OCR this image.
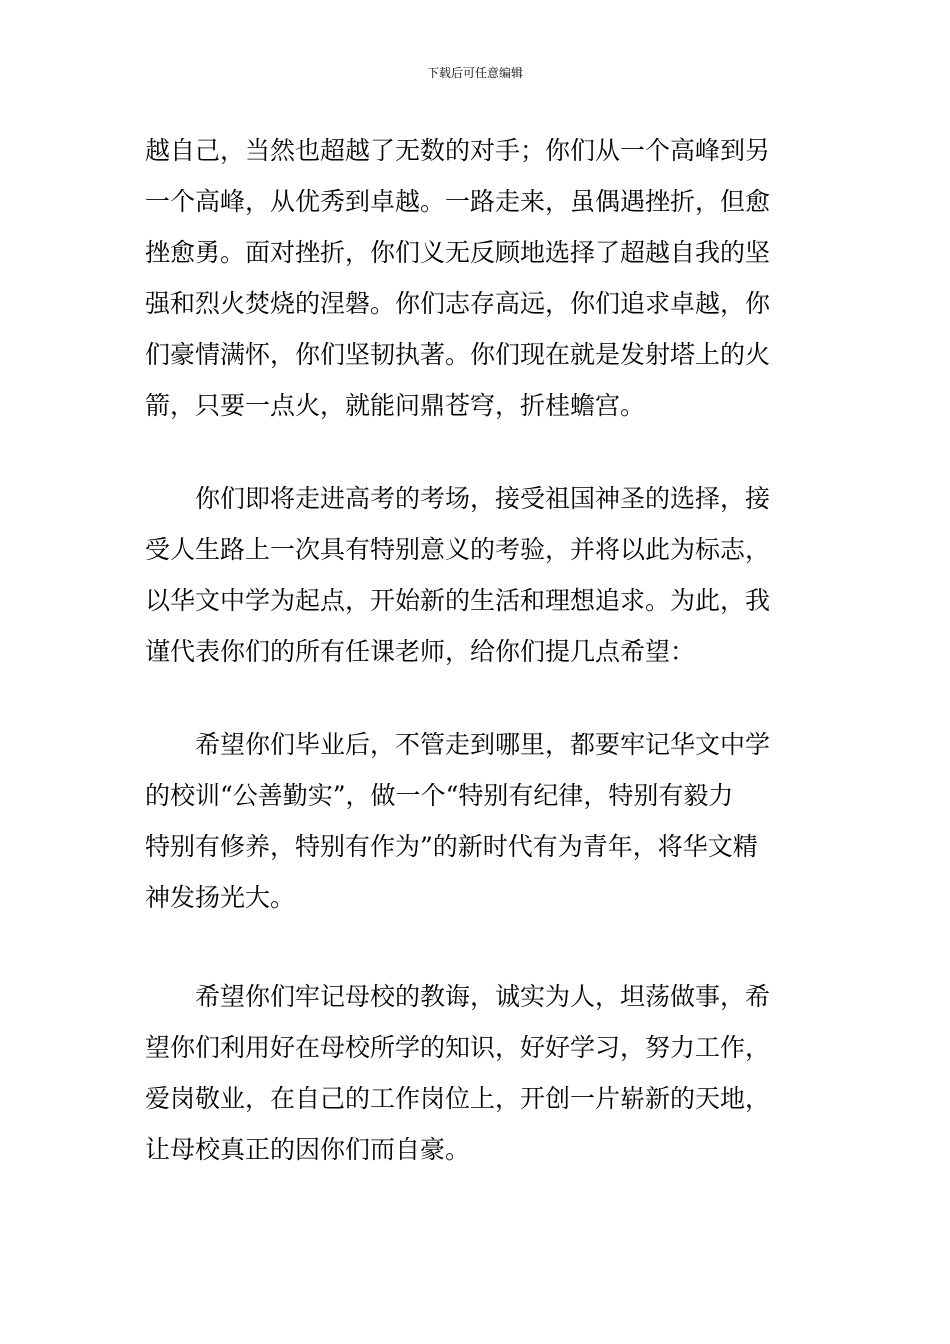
下载后可任意编辑
越自己，当然也超越了无数的对手；你们从一个高峰到另
一个高峰，从优秀到卓越。一路走来，虽偶遇挫折，但愈
挫愈勇。面对挫折，你们义无反顾地选择了超越自我的坚
强和烈火焚烧的涅磐。你们志存高远，你们追求卓越，你
们豪情满怀，你们坚韧执著。你们现在就是发射塔上的火
箭，只要一点火，就能问鼎苍穹，折桂蟾宫。
　　你们即将走进高考的考场，接受祖国神圣的选择，接
受人生路上一次具有特别意义的考验，并将以此为标志，
以华文中学为起点，开始新的生活和理想追求。为此，我
谨代表你们的所有任课老师，给你们提几点希望：
　　希望你们毕业后，不管走到哪里，都要牢记华文中学
的校训“公善勤实”，做一个“特别有纪律，特别有毅力
特别有修养，特别有作为”的新时代有为青年，将华文精
神发扬光大。
　　希望你们牢记母校的教诲，诚实为人，坦荡做事，希
望你们利用好在母校所学的知识，好好学习，努力工作，
爱岗敬业，在自己的工作岗位上，开创一片崭新的天地，
让母校真正的因你们而自豪。
